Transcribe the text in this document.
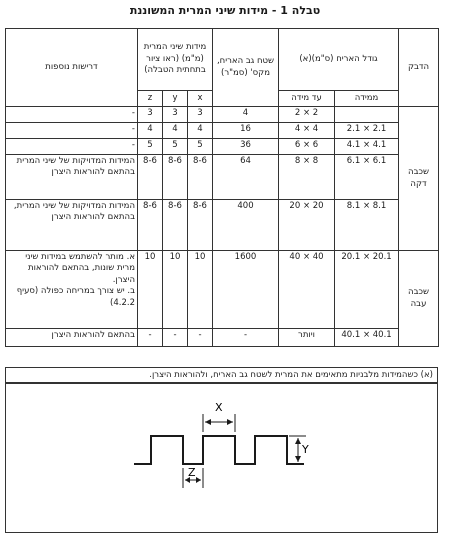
טבלה 1 - מידות שיני המרית המשוננת
הדבק	גודל האריח (ס"מ)(א)		שטח גב האריח, מקס' (סמ"ר)	מידות שיני המרית (מ"מ) (ראו ציור בתחתית הטבלה)			דרישות נוספות

	ממידה	עד מידה		x	y	z	
שכבה דקה		2 × 2	4	3	3	3	-
	2.1 × 2.1	4 × 4	16	4	4	4	-
	4.1 × 4.1	6 × 6	36	5	5	5	-
	6.1 × 6.1	8 × 8	64	8-6	8-6	8-6	המידות המדויקות של שיני המרית בהתאם להוראות היצרן
	8.1 × 8.1	20 × 20	400	8-6	8-6	8-6	המידות המדויקות של שיני המרית, בהתאם להוראות היצרן
שכבה עבה	20.1 × 20.1	40 × 40	1600	10	10	10	א. מותר להשתמש במידות שיני מרית שונות, בהתאם להוראות היצרן.
ב. יש צורך במריחה כפולה (סעיף 4.2.2)

	40.1 × 40.1	ויותר	-	-	-	-	בהתאם להוראות היצרן
(א) כשהמידות מלבניות מתאימים את המרית לשטח גב האריח, ולהוראות היצרן.
X
Y
Z
